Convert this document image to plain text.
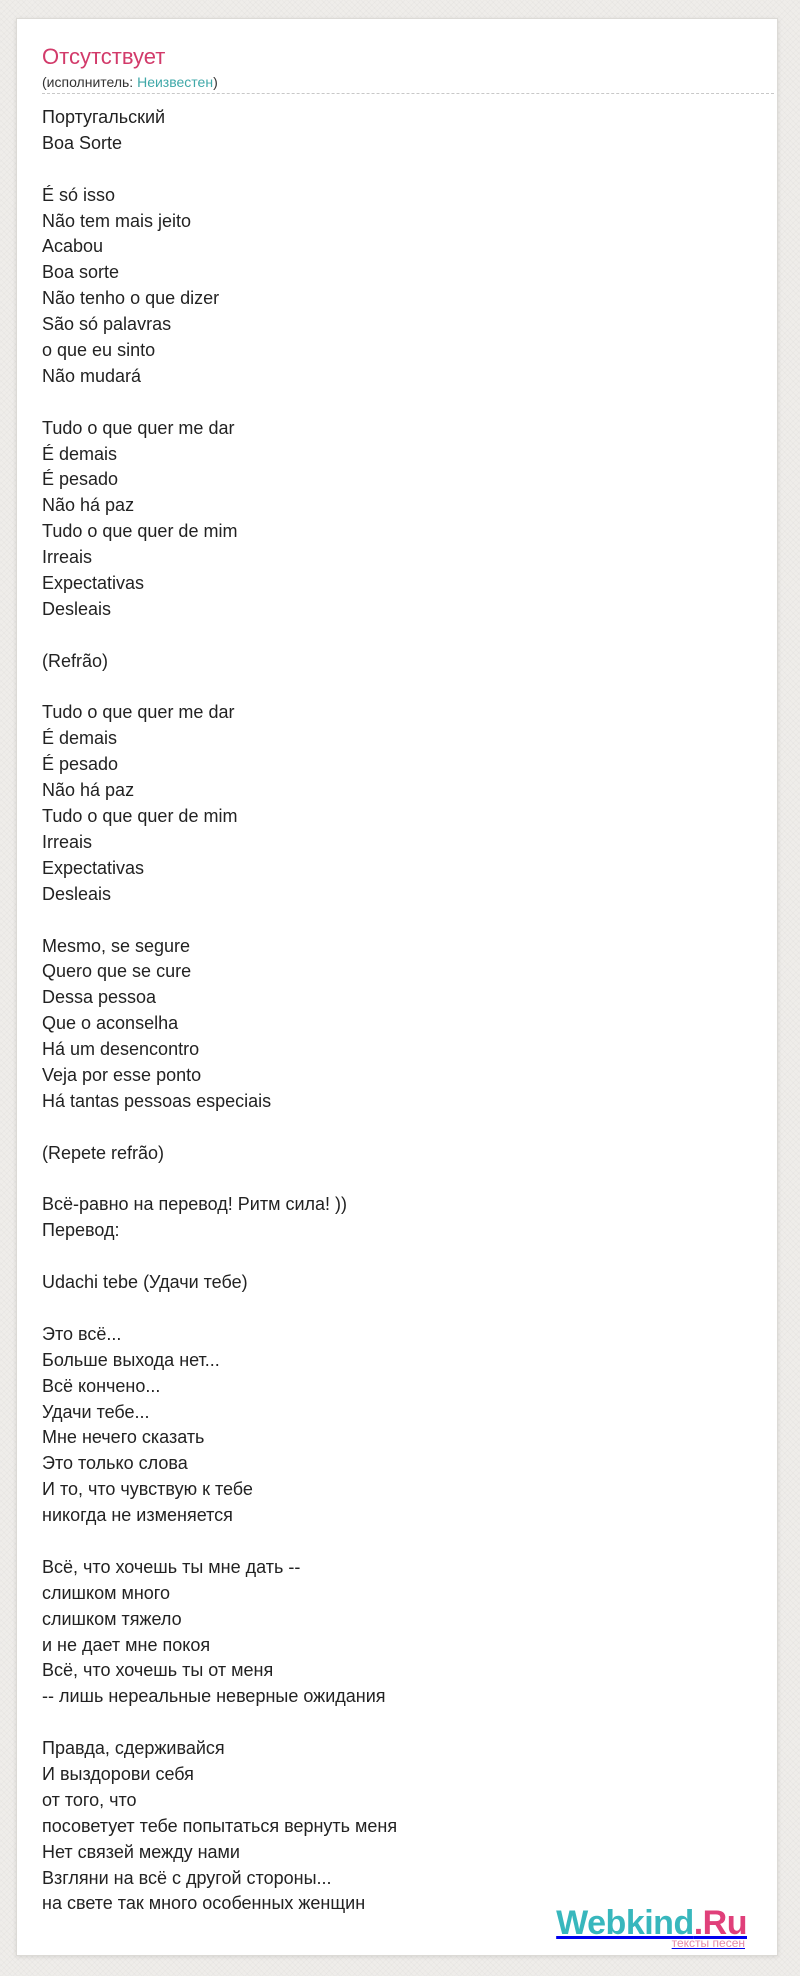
Отсутствует
(исполнитель: Неизвестен)
Португальский
Boa Sorte
É só isso
Não tem mais jeito
Acabou
Boa sorte
Não tenho o que dizer
São só palavras
o que eu sinto
Não mudará
Tudo o que quer me dar
É demais
É pesado
Não há paz
Tudo o que quer de mim
Irreais
Expectativas
Desleais
(Refrão)
Tudo o que quer me dar
É demais
É pesado
Não há paz
Tudo o que quer de mim
Irreais
Expectativas
Desleais
Mesmo, se segure
Quero que se cure
Dessa pessoa
Que o aconselha
Há um desencontro
Veja por esse ponto
Há tantas pessoas especiais
(Repete refrão)
Всё-равно на перевод! Ритм сила! ))
Перевод:
Udachi tebe (Удачи тебе)
Это всё...
Больше выхода нет...
Всё кончено...
Удачи тебе...
Мне нечего сказать
Это только слова
И то, что чувствую к тебе
никогда не изменяется
Всё, что хочешь ты мне дать --
слишком много
слишком тяжело
и не дает мне покоя
Всё, что хочешь ты от меня
-- лишь нереальные неверные ожидания
Правда, сдерживайся
И выздорови себя
от того, что
посоветует тебе попытаться вернуть меня
Нет связей между нами
Взгляни на всё с другой стороны...
на свете так много особенных женщин
Webkind.Ru
тексты песен
